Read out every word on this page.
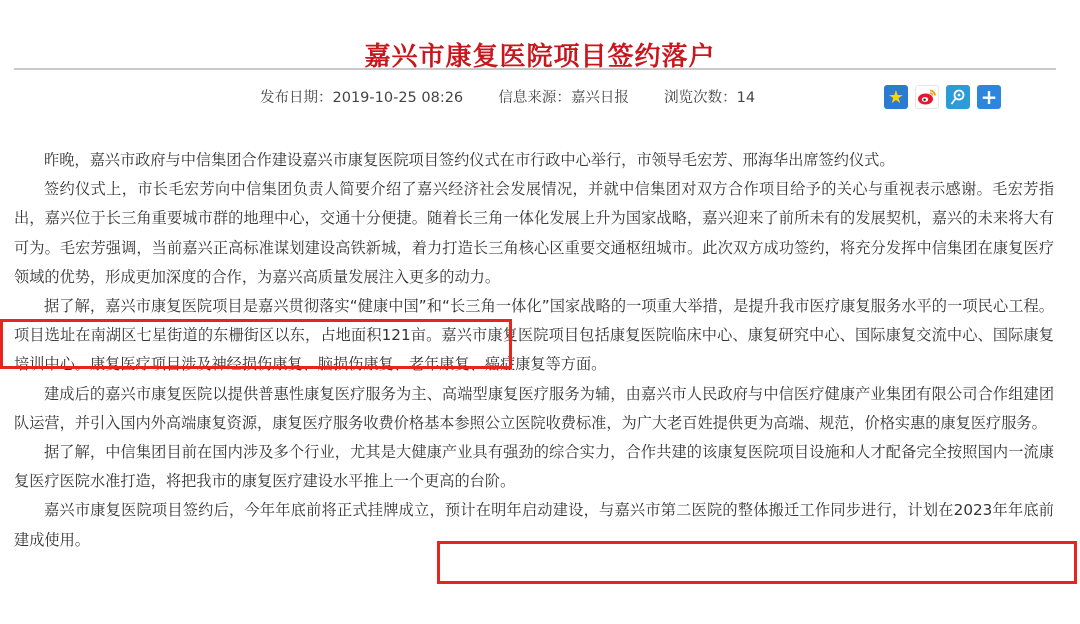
嘉兴市康复医院项目签约落户
发布日期：2019-10-25 08:26 信息来源：嘉兴日报 浏览次数：14	★	+

昨晚，嘉兴市政府与中信集团合作建设嘉兴市康复医院项目签约仪式在市行政中心举行，市领导毛宏芳、邢海华出席签约仪式。

签约仪式上，市长毛宏芳向中信集团负责人简要介绍了嘉兴经济社会发展情况，并就中信集团对双方合作项目给予的关心与重视表示感谢。毛宏芳指出，嘉兴位于长三角重要城市群的地理中心，交通十分便捷。随着长三角一体化发展上升为国家战略，嘉兴迎来了前所未有的发展契机，嘉兴的未来将大有可为。毛宏芳强调，当前嘉兴正高标准谋划建设高铁新城，着力打造长三角核心区重要交通枢纽城市。此次双方成功签约，将充分发挥中信集团在康复医疗领域的优势，形成更加深度的合作，为嘉兴高质量发展注入更多的动力。

据了解，嘉兴市康复医院项目是嘉兴贯彻落实“健康中国”和“长三角一体化”国家战略的一项重大举措，是提升我市医疗康复服务水平的一项民心工程。项目选址在南湖区七星街道的东栅街区以东，占地面积121亩。嘉兴市康复医院项目包括康复医院临床中心、康复研究中心、国际康复交流中心、国际康复培训中心。康复医疗项目涉及神经损伤康复、脑损伤康复、老年康复、癌症康复等方面。

建成后的嘉兴市康复医院以提供普惠性康复医疗服务为主、高端型康复医疗服务为辅，由嘉兴市人民政府与中信医疗健康产业集团有限公司合作组建团队运营，并引入国内外高端康复资源，康复医疗服务收费价格基本参照公立医院收费标准，为广大老百姓提供更为高端、规范，价格实惠的康复医疗服务。

据了解，中信集团目前在国内涉及多个行业，尤其是大健康产业具有强劲的综合实力，合作共建的该康复医院项目设施和人才配备完全按照国内一流康复医疗医院水准打造，将把我市的康复医疗建设水平推上一个更高的台阶。

嘉兴市康复医院项目签约后，今年年底前将正式挂牌成立，预计在明年启动建设，与嘉兴市第二医院的整体搬迁工作同步进行，计划在2023年年底前建成使用。
